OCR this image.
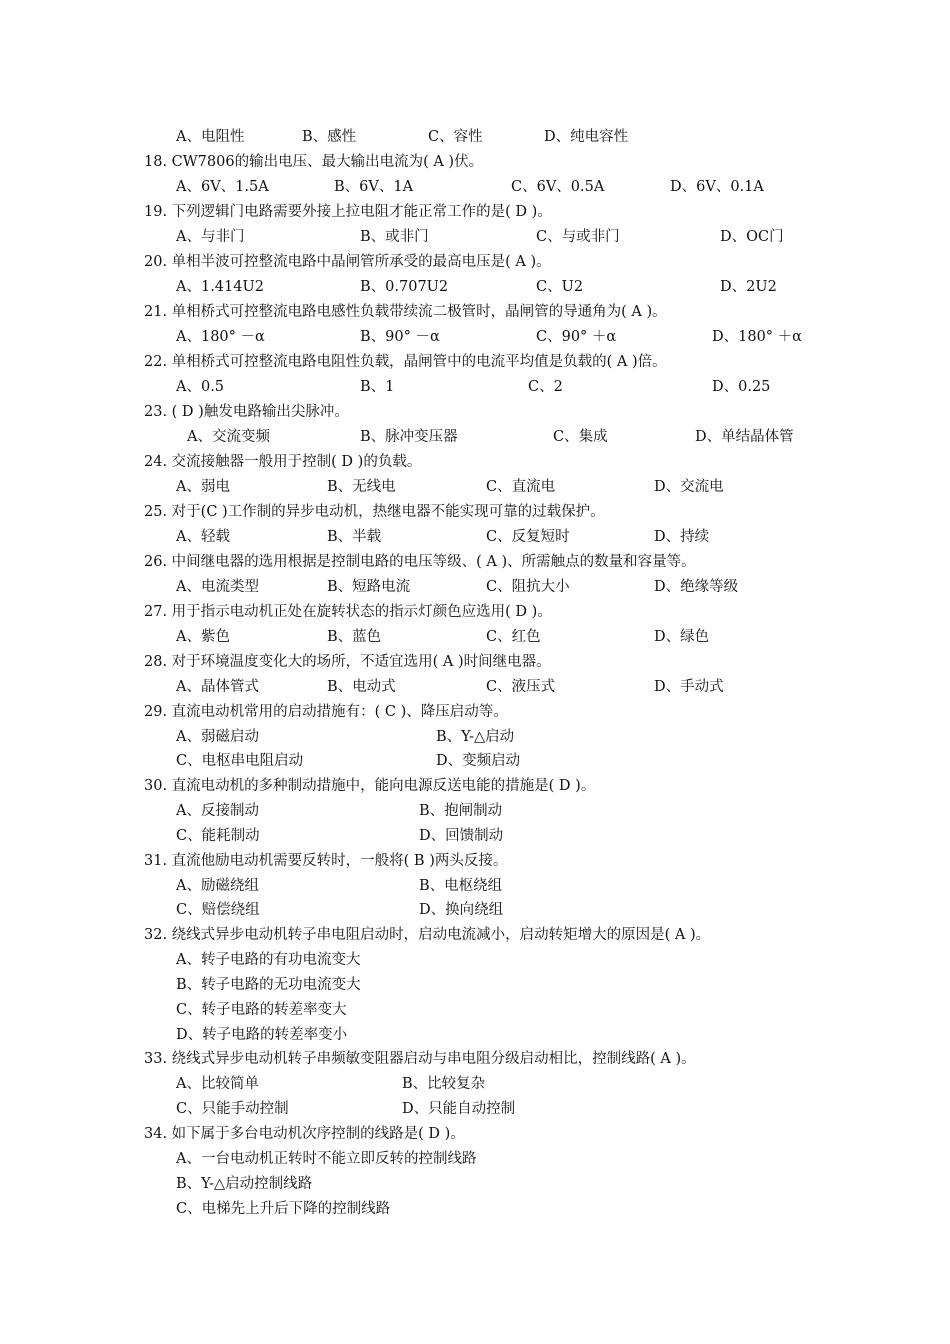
A、电阻性	B、感性	C、容性	D、纯电容性
18. CW7806的输出电压、最大输出电流为( A )伏。
A、6V、1.5A	B、6V、1A	C、6V、0.5A	D、6V、0.1A
19. 下列逻辑门电路需要外接上拉电阻才能正常工作的是( D )。
A、与非门	B、或非门	C、与或非门	D、OC门
20. 单相半波可控整流电路中晶闸管所承受的最高电压是( A )。
A、1.414U2	B、0.707U2	C、U2	D、2U2
21. 单相桥式可控整流电路电感性负载带续流二极管时，晶闸管的导通角为( A )。
A、180° －α	B、90° －α	C、90° ＋α	D、180° ＋α
22. 单相桥式可控整流电路电阻性负载，晶闸管中的电流平均值是负载的( A )倍。
A、0.5	B、1	C、2	D、0.25
23. ( D )触发电路输出尖脉冲。
A、交流变频	B、脉冲变压器	C、集成	D、单结晶体管
24. 交流接触器一般用于控制( D )的负载。
A、弱电	B、无线电	C、直流电	D、交流电
25. 对于(C )工作制的异步电动机，热继电器不能实现可靠的过载保护。
A、轻载	B、半载	C、反复短时	D、持续
26. 中间继电器的选用根据是控制电路的电压等级、( A )、所需触点的数量和容量等。
A、电流类型	B、短路电流	C、阻抗大小	D、绝缘等级
27. 用于指示电动机正处在旋转状态的指示灯颜色应选用( D )。
A、紫色	B、蓝色	C、红色	D、绿色
28. 对于环境温度变化大的场所，不适宜选用( A )时间继电器。
A、晶体管式	B、电动式	C、液压式	D、手动式
29. 直流电动机常用的启动措施有：( C )、降压启动等。
A、弱磁启动	B、Y-△启动
C、电枢串电阻启动	D、变频启动
30. 直流电动机的多种制动措施中，能向电源反送电能的措施是( D )。
A、反接制动	B、抱闸制动
C、能耗制动	D、回馈制动
31. 直流他励电动机需要反转时，一般将( B )两头反接。
A、励磁绕组	B、电枢绕组
C、赔偿绕组	D、换向绕组
32. 绕线式异步电动机转子串电阻启动时，启动电流减小，启动转矩增大的原因是( A )。
A、转子电路的有功电流变大
B、转子电路的无功电流变大
C、转子电路的转差率变大
D、转子电路的转差率变小
33. 绕线式异步电动机转子串频敏变阻器启动与串电阻分级启动相比，控制线路( A )。
A、比较简单	B、比较复杂
C、只能手动控制	D、只能自动控制
34. 如下属于多台电动机次序控制的线路是( D )。
A、一台电动机正转时不能立即反转的控制线路
B、Y-△启动控制线路
C、电梯先上升后下降的控制线路
